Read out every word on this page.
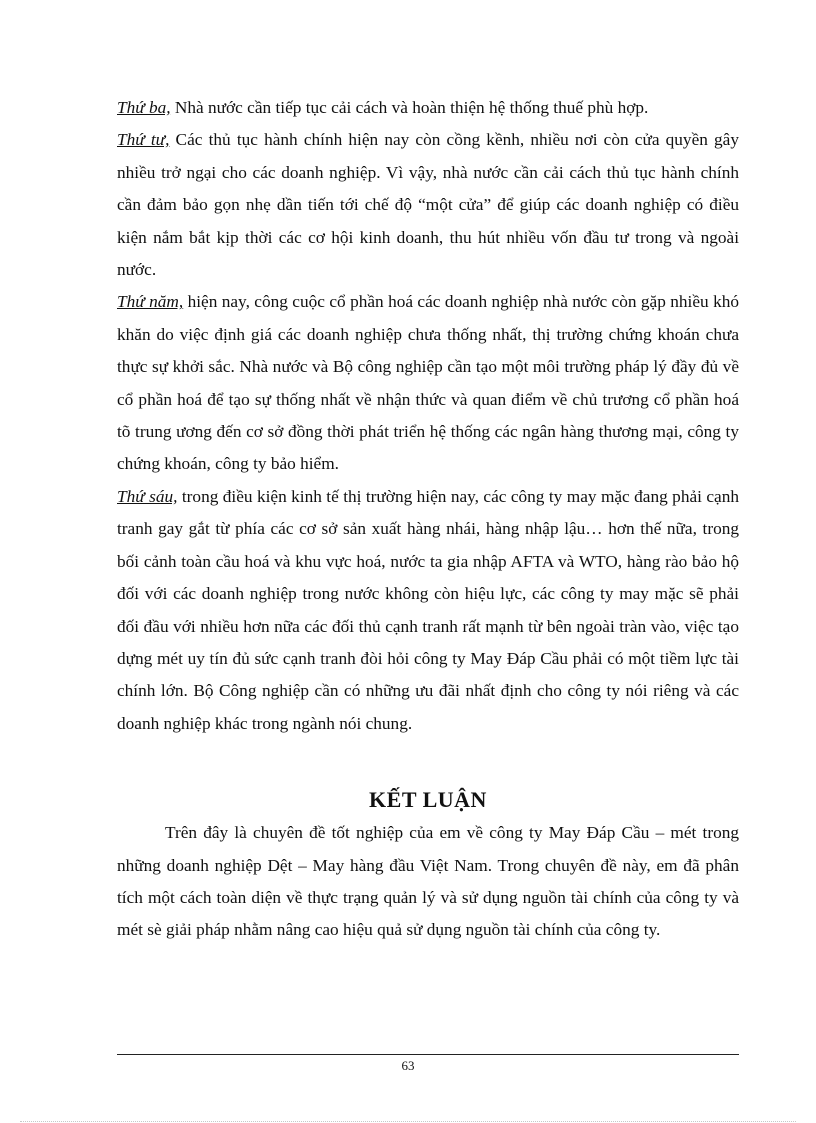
Thứ ba, Nhà nước cần tiếp tục cải cách và hoàn thiện hệ thống thuế phù hợp.

Thứ tư, Các thủ tục hành chính hiện nay còn cồng kềnh, nhiều nơi còn cửa quyền gây nhiều trở ngại cho các doanh nghiệp. Vì vậy, nhà nước cần cải cách thủ tục hành chính cần đảm bảo gọn nhẹ dần tiến tới chế độ “một cửa” để giúp các doanh nghiệp có điều kiện nắm bắt kịp thời các cơ hội kinh doanh, thu hút nhiều vốn đầu tư trong và ngoài nước.

Thứ năm, hiện nay, công cuộc cổ phần hoá các doanh nghiệp nhà nước còn gặp nhiều khó khăn do việc định giá các doanh nghiệp chưa thống nhất, thị trường chứng khoán chưa thực sự khởi sắc. Nhà nước và Bộ công nghiệp cần tạo một môi trường pháp lý đầy đủ về cổ phần hoá để tạo sự thống nhất về nhận thức và quan điểm về chủ trương cổ phần hoá tõ trung ương đến cơ sở đồng thời phát triển hệ thống các ngân hàng thương mại, công ty chứng khoán, công ty bảo hiểm.

Thứ sáu, trong điều kiện kinh tế thị trường hiện nay, các công ty may mặc đang phải cạnh tranh gay gắt từ phía các cơ sở sản xuất hàng nhái, hàng nhập lậu… hơn thế nữa, trong bối cảnh toàn cầu hoá và khu vực hoá, nước ta gia nhập AFTA và WTO, hàng rào bảo hộ đối với các doanh nghiệp trong nước không còn hiệu lực, các công ty may mặc sẽ phải đối đầu với nhiều hơn nữa các đối thủ cạnh tranh rất mạnh từ bên ngoài tràn vào, việc tạo dựng mét uy tín đủ sức cạnh tranh đòi hỏi công ty May Đáp Cầu phải có một tiềm lực tài chính lớn. Bộ Công nghiệp cần có những ưu đãi nhất định cho công ty nói riêng và các doanh nghiệp khác trong ngành nói chung.

KẾT LUẬN

Trên đây là chuyên đề tốt nghiệp của em về công ty May Đáp Cầu – mét trong những doanh nghiệp Dệt – May hàng đầu Việt Nam. Trong chuyên đề này, em đã phân tích một cách toàn diện về thực trạng quản lý và sử dụng nguồn tài chính của công ty và mét sè giải pháp nhằm nâng cao hiệu quả sử dụng nguồn tài chính của công ty.

63
